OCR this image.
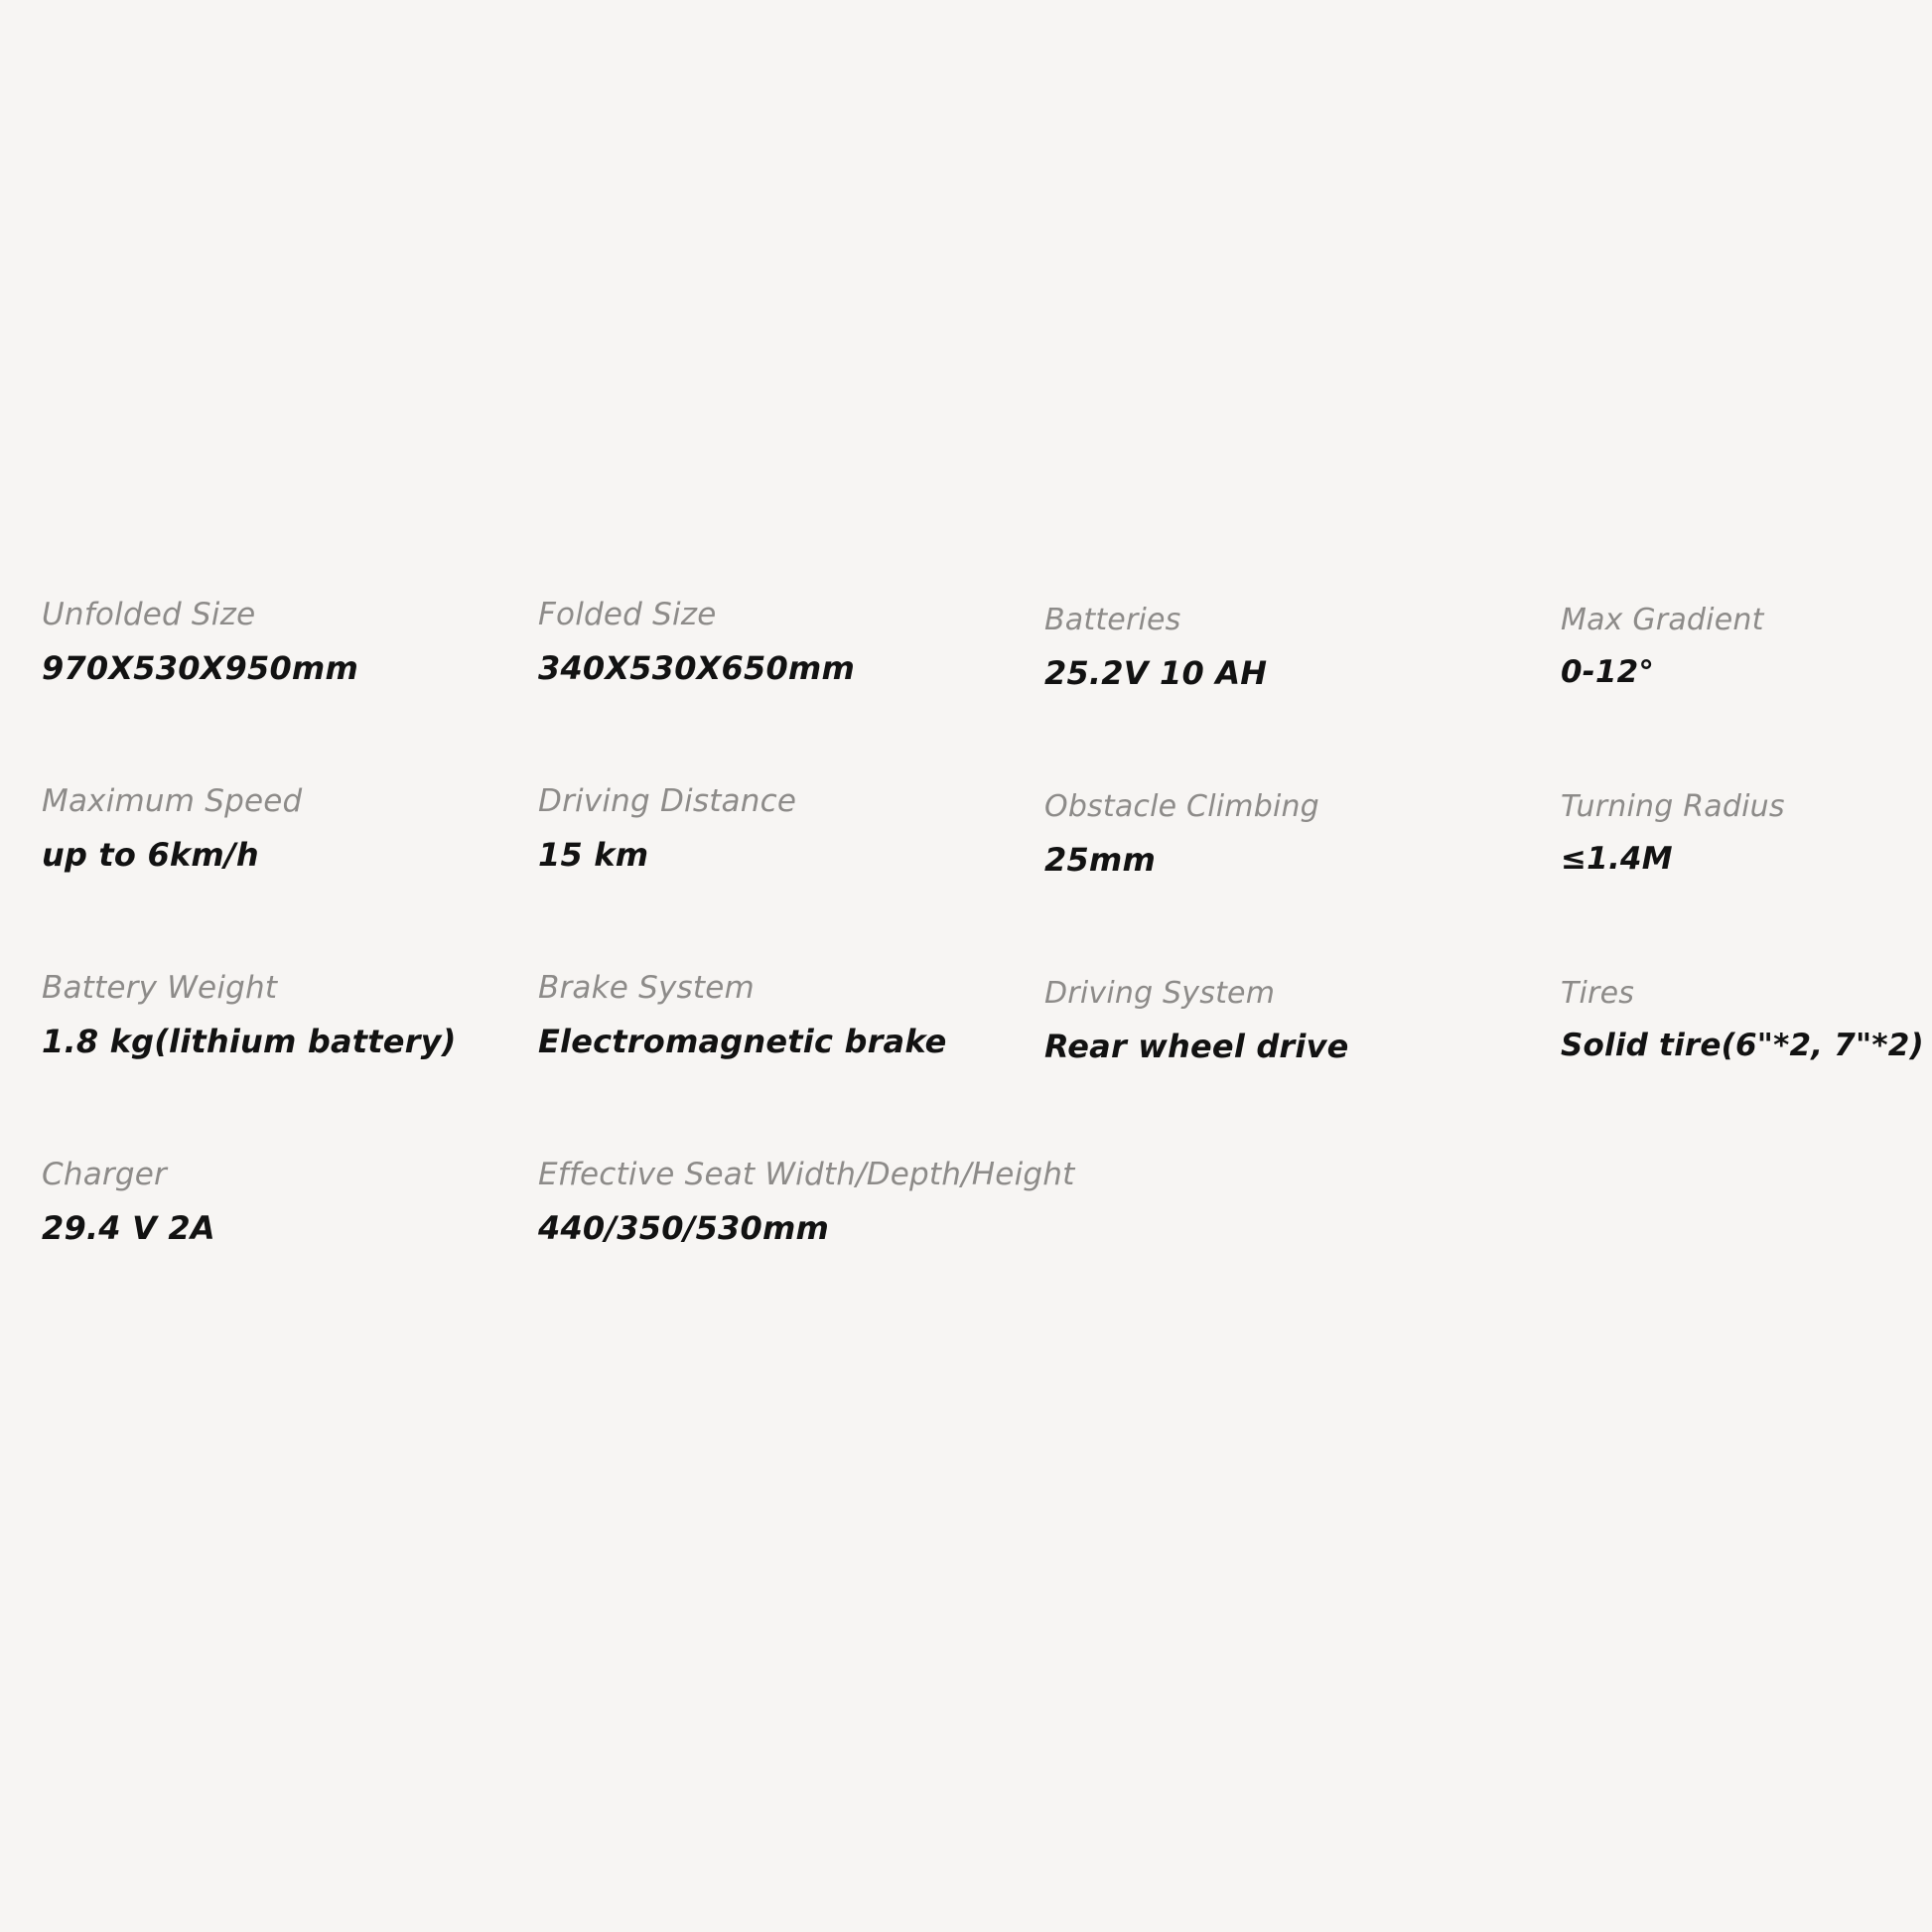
Unfolded Size
970X530X950mm
Folded Size
340X530X650mm
Batteries
25.2V 10 AH
Max Gradient
0-12°
Maximum Speed
up to 6km/h
Driving Distance
15 km
Obstacle Climbing
25mm
Turning Radius
≤1.4M
Battery Weight
1.8 kg(lithium battery)
Brake System
Electromagnetic brake
Driving System
Rear wheel drive
Tires
Solid tire(6"*2, 7"*2)
Charger
29.4 V 2A
Effective Seat Width/Depth/Height
440/350/530mm
